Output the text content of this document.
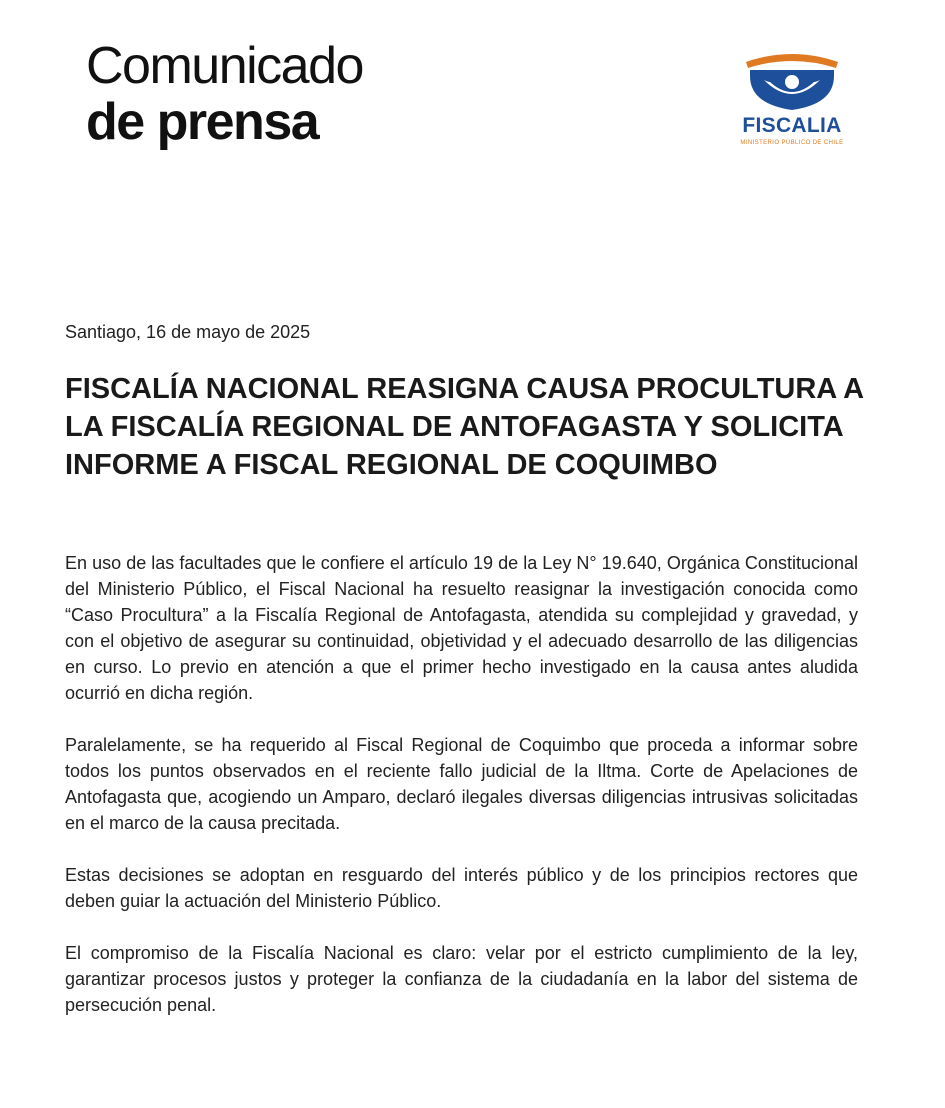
Comunicado
de prensa	FISCALIA
MINISTERIO PÚBLICO DE CHILE

Santiago, 16 de mayo de 2025

FISCALÍA NACIONAL REASIGNA CAUSA PROCULTURA A LA FISCALÍA REGIONAL DE ANTOFAGASTA Y SOLICITA INFORME A FISCAL REGIONAL DE COQUIMBO

En uso de las facultades que le confiere el artículo 19 de la Ley N° 19.640, Orgánica Constitucional del Ministerio Público, el Fiscal Nacional ha resuelto reasignar la investigación conocida como “Caso Procultura” a la Fiscalía Regional de Antofagasta, atendida su complejidad y gravedad, y con el objetivo de asegurar su continuidad, objetividad y el adecuado desarrollo de las diligencias en curso. Lo previo en atención a que el primer hecho investigado en la causa antes aludida ocurrió en dicha región.

Paralelamente, se ha requerido al Fiscal Regional de Coquimbo que proceda a informar sobre todos los puntos observados en el reciente fallo judicial de la Iltma. Corte de Apelaciones de Antofagasta que, acogiendo un Amparo, declaró ilegales diversas diligencias intrusivas solicitadas en el marco de la causa precitada.

Estas decisiones se adoptan en resguardo del interés público y de los principios rectores que deben guiar la actuación del Ministerio Público.

El compromiso de la Fiscalía Nacional es claro: velar por el estricto cumplimiento de la ley, garantizar procesos justos y proteger la confianza de la ciudadanía en la labor del sistema de persecución penal.
